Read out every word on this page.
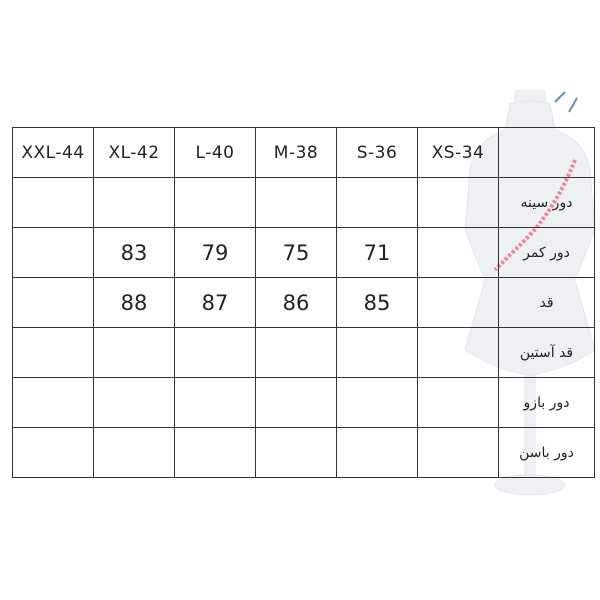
XXL-44	XL-42	L-40	M-38	S-36	XS-34	
						دور سینه
	83	79	75	71		دور کمر
	88	87	86	85		قد
						قد آستین
						دور بازو
						دور باسن
